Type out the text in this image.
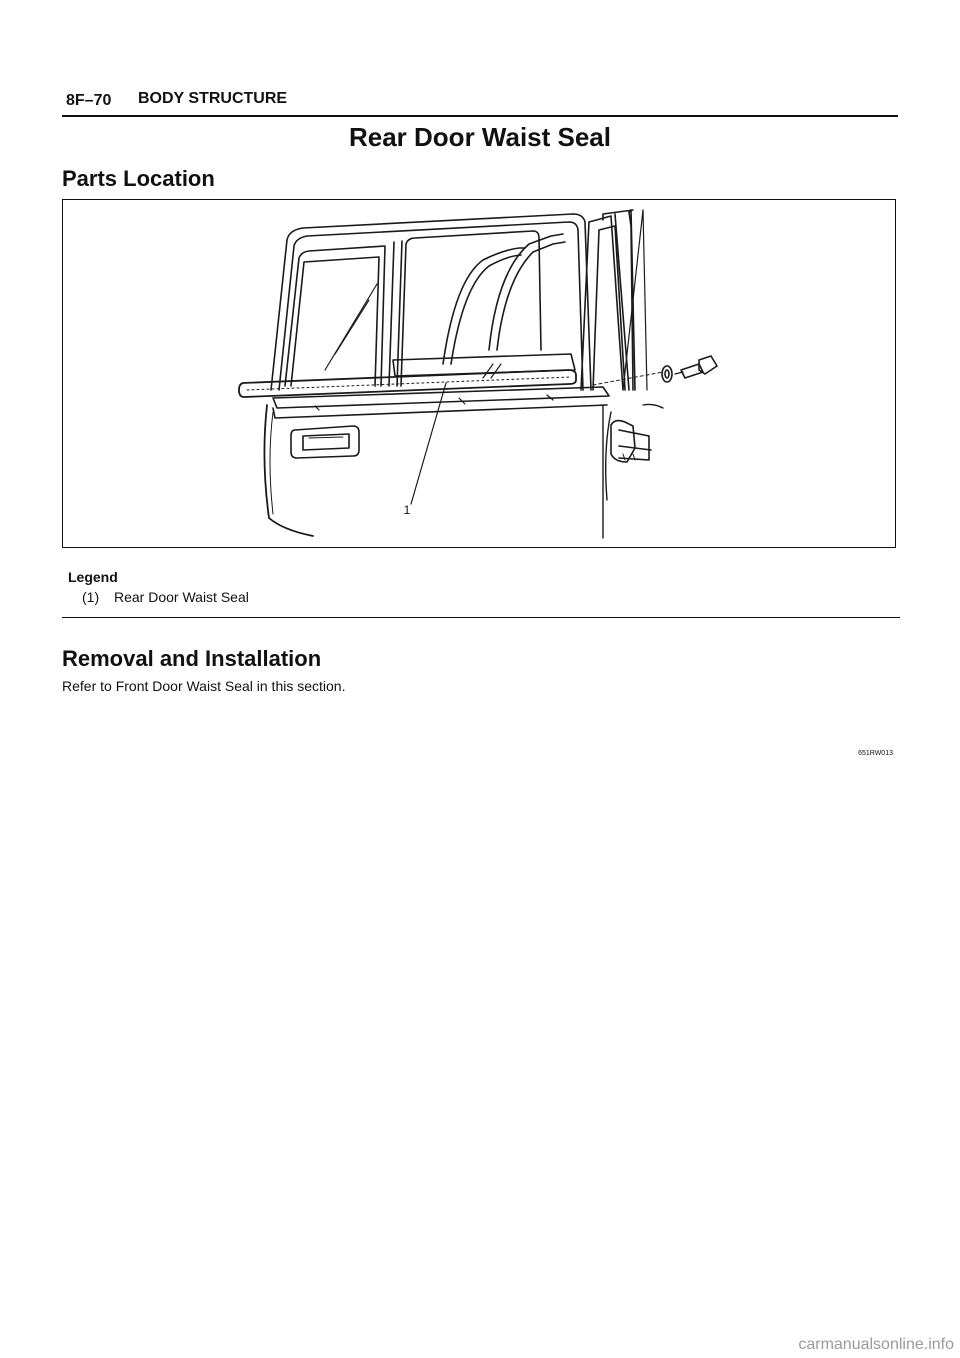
8F–70 BODY STRUCTURE
Rear Door Waist Seal
Parts Location
1
651RW013
Legend
(1) Rear Door Waist Seal
Removal and Installation
Refer to Front Door Waist Seal in this section.
carmanualsonline.info
